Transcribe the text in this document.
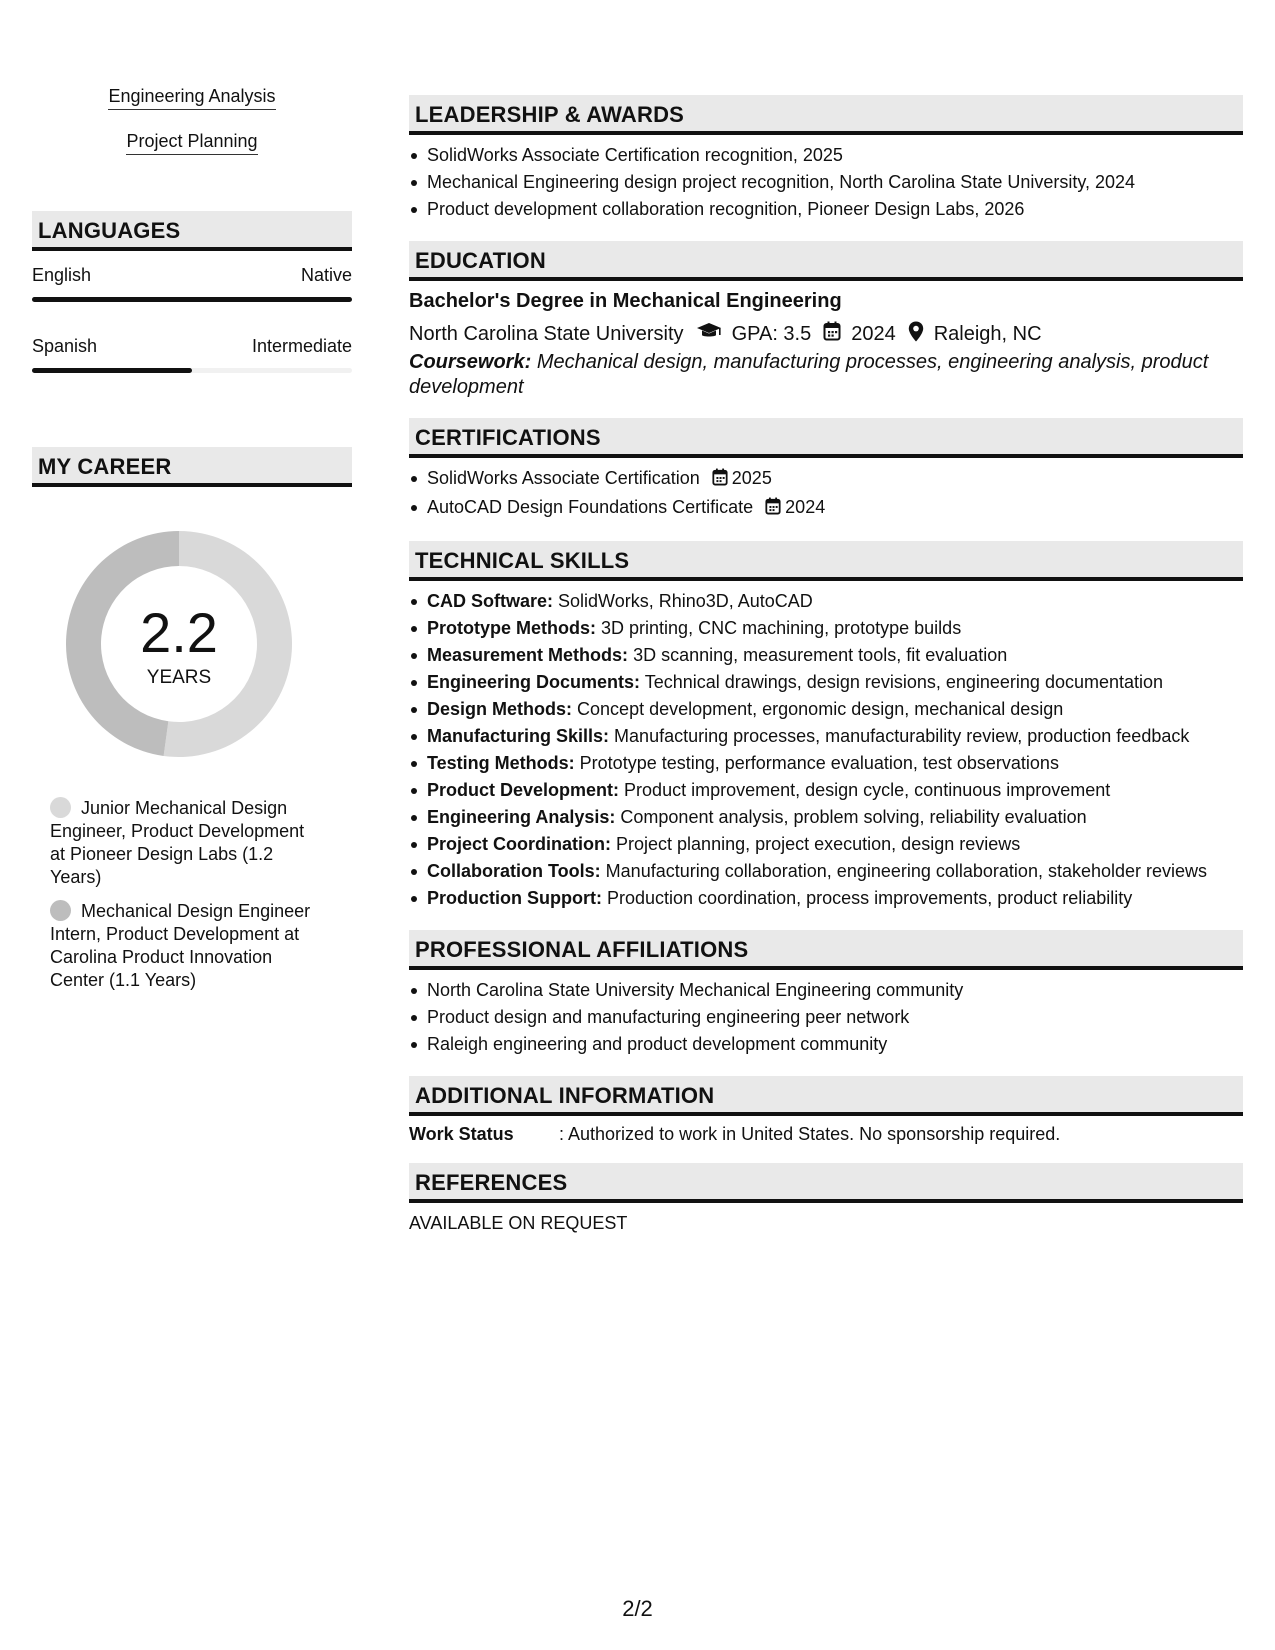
Engineering Analysis
Project Planning
LANGUAGES
English	Native
Spanish	Intermediate
MY CAREER
2.2
YEARS
Junior Mechanical Design Engineer, Product Development at Pioneer Design Labs (1.2 Years)
Mechanical Design Engineer Intern, Product Development at Carolina Product Innovation Center (1.1 Years)
LEADERSHIP & AWARDS
SolidWorks Associate Certification recognition, 2025
Mechanical Engineering design project recognition, North Carolina State University, 2024
Product development collaboration recognition, Pioneer Design Labs, 2026
EDUCATION
Bachelor's Degree in Mechanical Engineering
North Carolina State University GPA: 3.5 2024 Raleigh, NC
Coursework: Mechanical design, manufacturing processes, engineering analysis, product development
CERTIFICATIONS
SolidWorks Associate Certification 2025
AutoCAD Design Foundations Certificate 2024
TECHNICAL SKILLS
CAD Software: SolidWorks, Rhino3D, AutoCAD
Prototype Methods: 3D printing, CNC machining, prototype builds
Measurement Methods: 3D scanning, measurement tools, fit evaluation
Engineering Documents: Technical drawings, design revisions, engineering documentation
Design Methods: Concept development, ergonomic design, mechanical design
Manufacturing Skills: Manufacturing processes, manufacturability review, production feedback
Testing Methods: Prototype testing, performance evaluation, test observations
Product Development: Product improvement, design cycle, continuous improvement
Engineering Analysis: Component analysis, problem solving, reliability evaluation
Project Coordination: Project planning, project execution, design reviews
Collaboration Tools: Manufacturing collaboration, engineering collaboration, stakeholder reviews
Production Support: Production coordination, process improvements, product reliability
PROFESSIONAL AFFILIATIONS
North Carolina State University Mechanical Engineering community
Product design and manufacturing engineering peer network
Raleigh engineering and product development community
ADDITIONAL INFORMATION
Work Status	: Authorized to work in United States. No sponsorship required.
REFERENCES
AVAILABLE ON REQUEST
2/2
